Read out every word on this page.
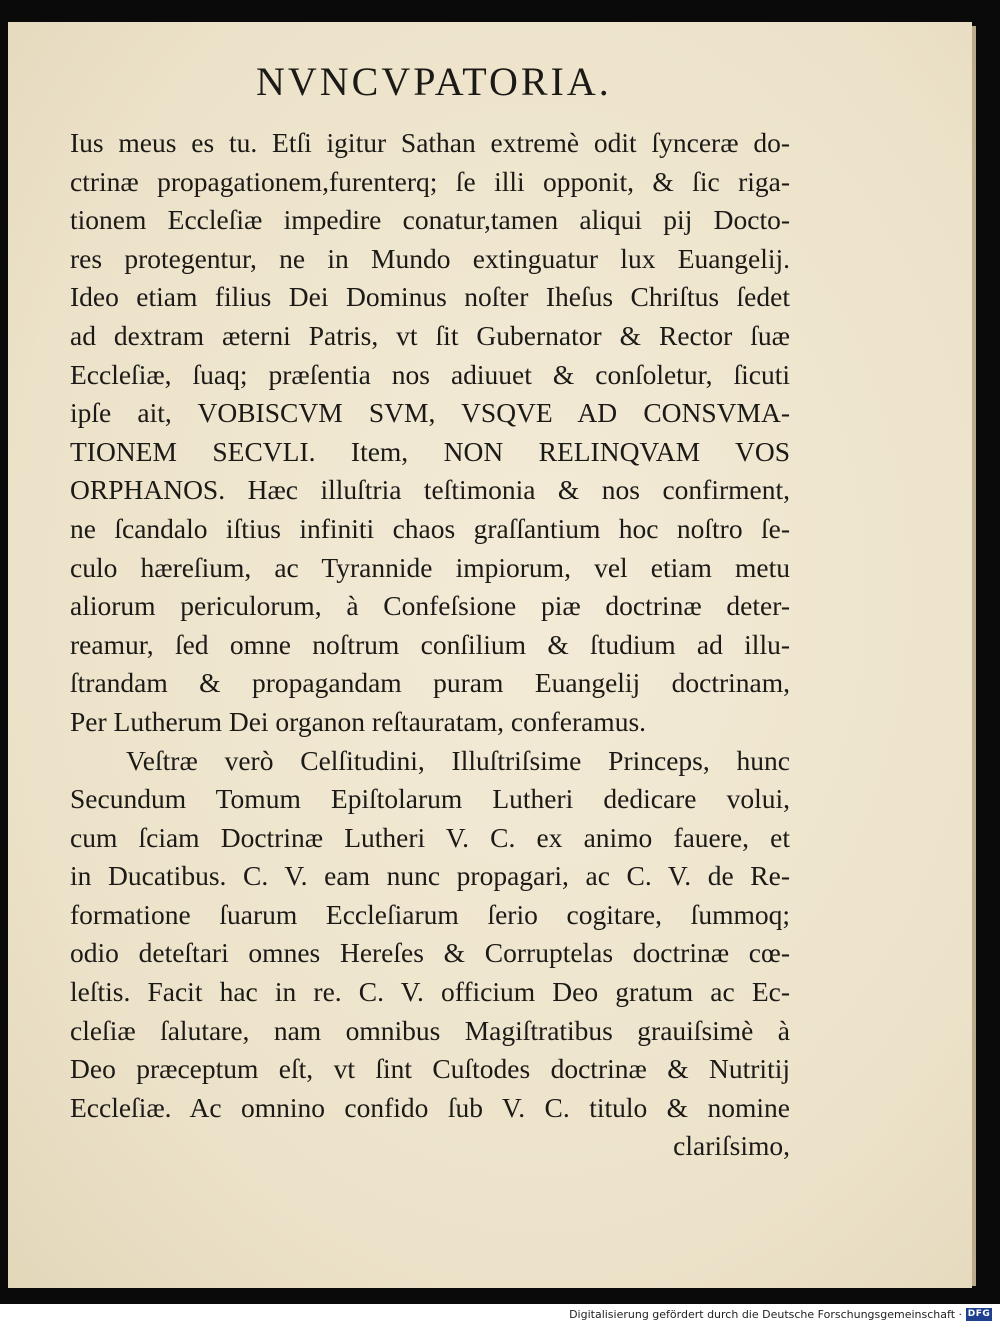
NVNCVPATORIA.
Ius meus es tu. Etſi igitur Sathan extremè odit ſynceræ do-
ctrinæ propagationem,furenterq; ſe illi opponit, & ſic riga-
tionem Eccleſiæ impedire conatur,tamen aliqui pij Docto-
res protegentur, ne in Mundo extinguatur lux Euangelij.
Ideo etiam filius Dei Dominus noſter Iheſus Chriſtus ſedet
ad dextram æterni Patris, vt ſit Gubernator & Rector ſuæ
Eccleſiæ, ſuaq; præſentia nos adiuuet & conſoletur, ſicuti
ipſe ait, VOBISCVM SVM, VSQVE AD CONSVMA-
TIONEM SECVLI. Item, NON RELINQVAM VOS
ORPHANOS. Hæc illuſtria teſtimonia & nos confirment,
ne ſcandalo iſtius infiniti chaos graſſantium hoc noſtro ſe-
culo hæreſium, ac Tyrannide impiorum, vel etiam metu
aliorum periculorum, à Confeſsione piæ doctrinæ deter-
reamur, ſed omne noſtrum conſilium & ſtudium ad illu-
ſtrandam & propagandam puram Euangelij doctrinam,
Per Lutherum Dei organon reſtauratam, conferamus.
Veſtræ verò Celſitudini, Illuſtriſsime Princeps, hunc
Secundum Tomum Epiſtolarum Lutheri dedicare volui,
cum ſciam Doctrinæ Lutheri V. C. ex animo fauere, et
in Ducatibus. C. V. eam nunc propagari, ac C. V. de Re-
formatione ſuarum Eccleſiarum ſerio cogitare, ſummoq;
odio deteſtari omnes Hereſes & Corruptelas doctrinæ cœ-
leſtis. Facit hac in re. C. V. officium Deo gratum ac Ec-
cleſiæ ſalutare, nam omnibus Magiſtratibus grauiſsimè à
Deo præceptum eſt, vt ſint Cuſtodes doctrinæ & Nutritij
Eccleſiæ. Ac omnino confido ſub V. C. titulo & nomine
clariſsimo,
Digitalisierung gefördert durch die Deutsche Forschungsgemeinschaft · DFG
